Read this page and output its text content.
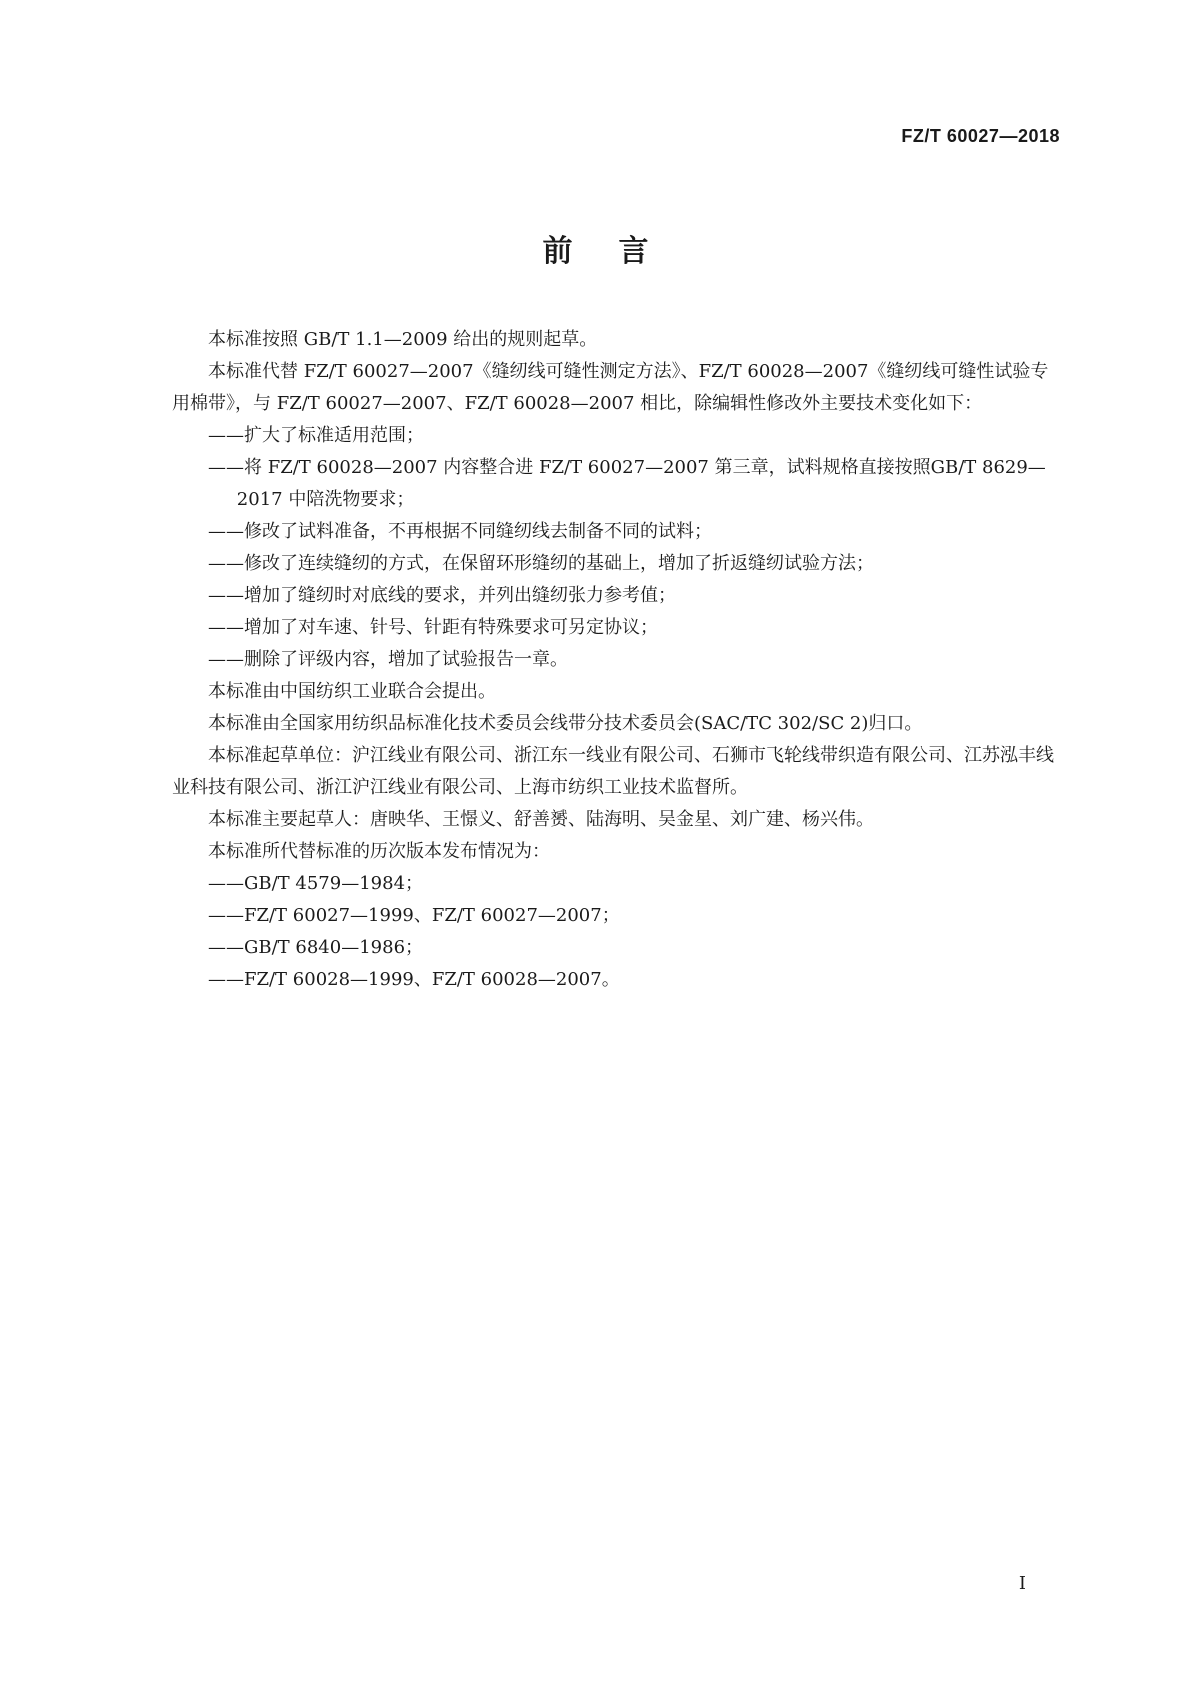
FZ/T 60027—2018
前言

本标准按照 GB/T 1.1—2009 给出的规则起草。

本标准代替 FZ/T 60027—2007《缝纫线可缝性测定方法》、FZ/T 60028—2007《缝纫线可缝性试验专用棉带》，与 FZ/T 60027—2007、FZ/T 60028—2007 相比，除编辑性修改外主要技术变化如下：

——扩大了标准适用范围；

——将 FZ/T 60028—2007 内容整合进 FZ/T 60027—2007 第三章，试料规格直接按照GB/T 8629—2017 中陪洗物要求；

——修改了试料准备，不再根据不同缝纫线去制备不同的试料；

——修改了连续缝纫的方式，在保留环形缝纫的基础上，增加了折返缝纫试验方法；

——增加了缝纫时对底线的要求，并列出缝纫张力参考值；

——增加了对车速、针号、针距有特殊要求可另定协议；

——删除了评级内容，增加了试验报告一章。

本标准由中国纺织工业联合会提出。

本标准由全国家用纺织品标准化技术委员会线带分技术委员会(SAC/TC 302/SC 2)归口。

本标准起草单位：沪江线业有限公司、浙江东一线业有限公司、石狮市飞轮线带织造有限公司、江苏泓丰线业科技有限公司、浙江沪江线业有限公司、上海市纺织工业技术监督所。

本标准主要起草人：唐映华、王憬义、舒善赟、陆海明、吴金星、刘广建、杨兴伟。

本标准所代替标准的历次版本发布情况为：

——GB/T 4579—1984；

——FZ/T 60027—1999、FZ/T 60027—2007；

——GB/T 6840—1986；

——FZ/T 60028—1999、FZ/T 60028—2007。

I
